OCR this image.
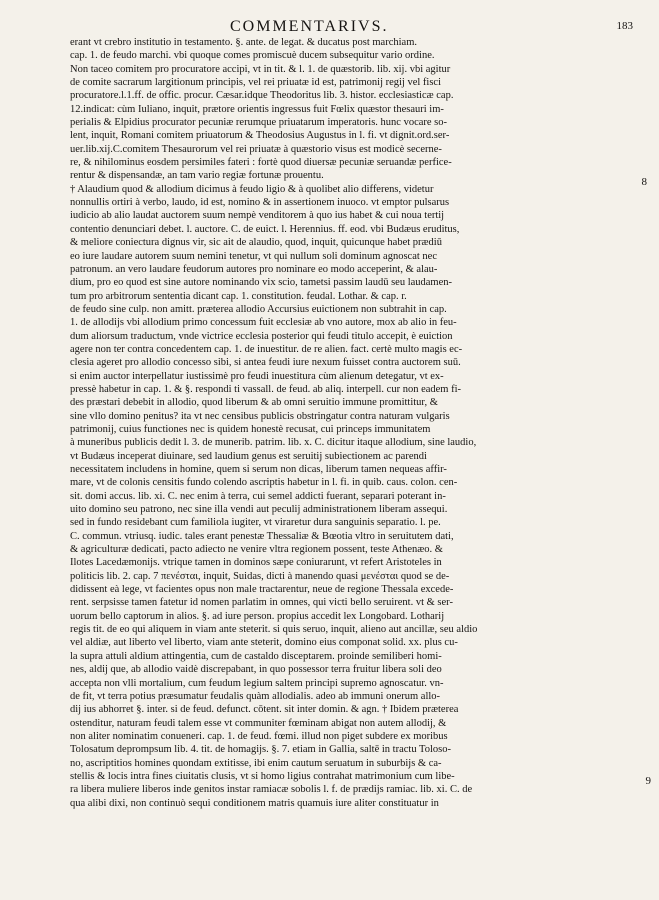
COMMENTARIVS.	183
8
9
erant vt crebro institutio in testamento. §. ante. de legat. & ducatus post marchiam.
cap. 1. de feudo marchi. vbi quoque comes promiscuè ducem subsequitur vario ordine.
Non taceo comitem pro procuratore accipi, vt in tit. & l. 1. de quæstorib. lib. xij. vbi agitur
de comite sacrarum largitionum principis, vel rei priuatæ id est, patrimonij regij vel fisci
procuratore.l.1.ff. de offic. procur. Cæsar.idque Theodoritus lib. 3. histor. ecclesiasticæ cap.
12.indicat: cùm Iuliano, inquit, prætore orientis ingressus fuit Fœlix quæstor thesauri im-
perialis & Elpidius procurator pecuniæ rerumque priuatarum imperatoris. hunc vocare so-
lent, inquit, Romani comitem priuatorum & Theodosius Augustus in l. fi. vt dignit.ord.ser-
uer.lib.xij.C.comitem Thesaurorum vel rei priuatæ à quæstorio visus est modicè secerne-
re, & nihilominus eosdem persimiles fateri : fortè quod diuersæ pecuniæ seruandæ perfice-
rentur & dispensandæ, an tam vario regiæ fortunæ prouentu.
† Alaudium quod & allodium dicimus à feudo ligio & à quolibet alio differens, videtur
nonnullis ortiri à verbo, laudo, id est, nomino & in assertionem inuoco. vt emptor pulsarus
iudicio ab alio laudat auctorem suum nempè venditorem à quo ius habet & cui noua tertij
contentio denunciari debet. l. auctore. C. de euict. l. Herennius. ff. eod. vbi Budæus eruditus,
& meliore coniectura dignus vir, sic ait de alaudio, quod, inquit, quicunque habet prædiū
eo iure laudare autorem suum nemini tenetur, vt qui nullum soli dominum agnoscat nec
patronum. an vero laudare feudorum autores pro nominare eo modo acceperint, & alau-
dium, pro eo quod est sine autore nominando vix scio, tametsi passim laudū seu laudamen-
tum pro arbitrorum sententia dicant cap. 1. constitution. feudal. Lothar. & cap. r.
de feudo sine culp. non amitt. præterea allodio Accursius euictionem non subtrahit in cap.
1. de allodijs vbi allodium primo concessum fuit ecclesiæ ab vno autore, mox ab alio in feu-
dum aliorsum traductum, vnde victrice ecclesia posterior qui feudi titulo accepit, è euiction
agere non ter contra concedentem cap. 1. de inuestitur. de re alien. fact. certè multo magis ec-
clesia ageret pro allodio concesso sibi, si antea feudi iure nexum fuisset contra auctorem suū.
si enim auctor interpellatur iustissimè pro feudi inuestitura cùm alienum detegatur, vt ex-
pressè habetur in cap. 1. & §. respondi ti vassall. de feud. ab aliq. interpell. cur non eadem fi-
des præstari debebit in allodio, quod liberum & ab omni seruitio immune promittitur, &
sine vllo domino penitus? ita vt nec censibus publicis obstringatur contra naturam vulgaris
patrimonij, cuius functiones nec is quidem honestè recusat, cui princeps immunitatem
à muneribus publicis dedit l. 3. de munerib. patrim. lib. x. C. dicitur itaque allodium, sine laudio,
vt Budæus inceperat diuinare, sed laudium genus est seruitij subiectionem ac parendi
necessitatem includens in homine, quem si serum non dicas, liberum tamen nequeas affir-
mare, vt de colonis censitis fundo colendo ascriptis habetur in l. fi. in quib. caus. colon. cen-
sit. domi accus. lib. xi. C. nec enim à terra, cui semel addicti fuerant, separari poterant in-
uito domino seu patrono, nec sine illa vendi aut peculij administrationem liberam assequi.
sed in fundo residebant cum familiola iugiter, vt viraretur dura sanguinis separatio. l. pe.
C. commun. vtriusq. iudic. tales erant penestæ Thessaliæ & Bœotia vltro in seruitutem dati,
& agriculturæ dedicati, pacto adiecto ne venire vltra regionem possent, teste Athenæo. &
Ilotes Lacedæmonijs. vtrique tamen in dominos sæpe coniurarunt, vt refert Aristoteles in
politicis lib. 2. cap. 7 πενέσται, inquit, Suidas, dicti à manendo quasi μενέσται quod se de-
didissent eà lege, vt facientes opus non male tractarentur, neue de regione Thessala excede-
rent. serpsisse tamen fatetur id nomen parlatim in omnes, qui victi bello seruirent. vt & ser-
uorum bello captorum in alios. §. ad iure person. propius accedit lex Longobard. Lotharij
regis tit. de eo qui aliquem in viam ante steterit. si quis seruo, inquit, alieno aut ancillæ, seu aldio
vel aldiæ, aut liberto vel liberto, viam ante steterit, domino eius componat solid. xx. plus cu-
la supra attuli aldium attingentia, cum de castaldo disceptarem. proinde semiliberi homi-
nes, aldij que, ab allodio vaidè discrepabant, in quo possessor terra fruitur libera soli deo
accepta non vlli mortalium, cum feudum legium saltem principi supremo agnoscatur. vn-
de fit, vt terra potius præsumatur feudalis quàm allodialis. adeo ab immuni onerum allo-
dij ius abhorret §. inter. si de feud. defunct. cōtent. sit inter domin. & agn. † Ibidem præterea
ostenditur, naturam feudi talem esse vt communiter fœminam abigat non autem allodij, &
non aliter nominatim conueneri. cap. 1. de feud. fœmi. illud non piget subdere ex moribus
Tolosatum deprompsum lib. 4. tit. de homagijs. §. 7. etiam in Gallia, saltē in tractu Toloso-
no, ascriptitios homines quondam extitisse, ibi enim cautum seruatum in suburbijs & ca-
stellis & locis intra fines ciuitatis clusis, vt si homo ligius contrahat matrimonium cum libe-
ra libera muliere liberos inde genitos instar ramiacæ sobolis l. f. de prædijs ramiac. lib. xi. C. de
qua alibi dixi, non continuò sequi conditionem matris quamuis iure aliter constituatur in
